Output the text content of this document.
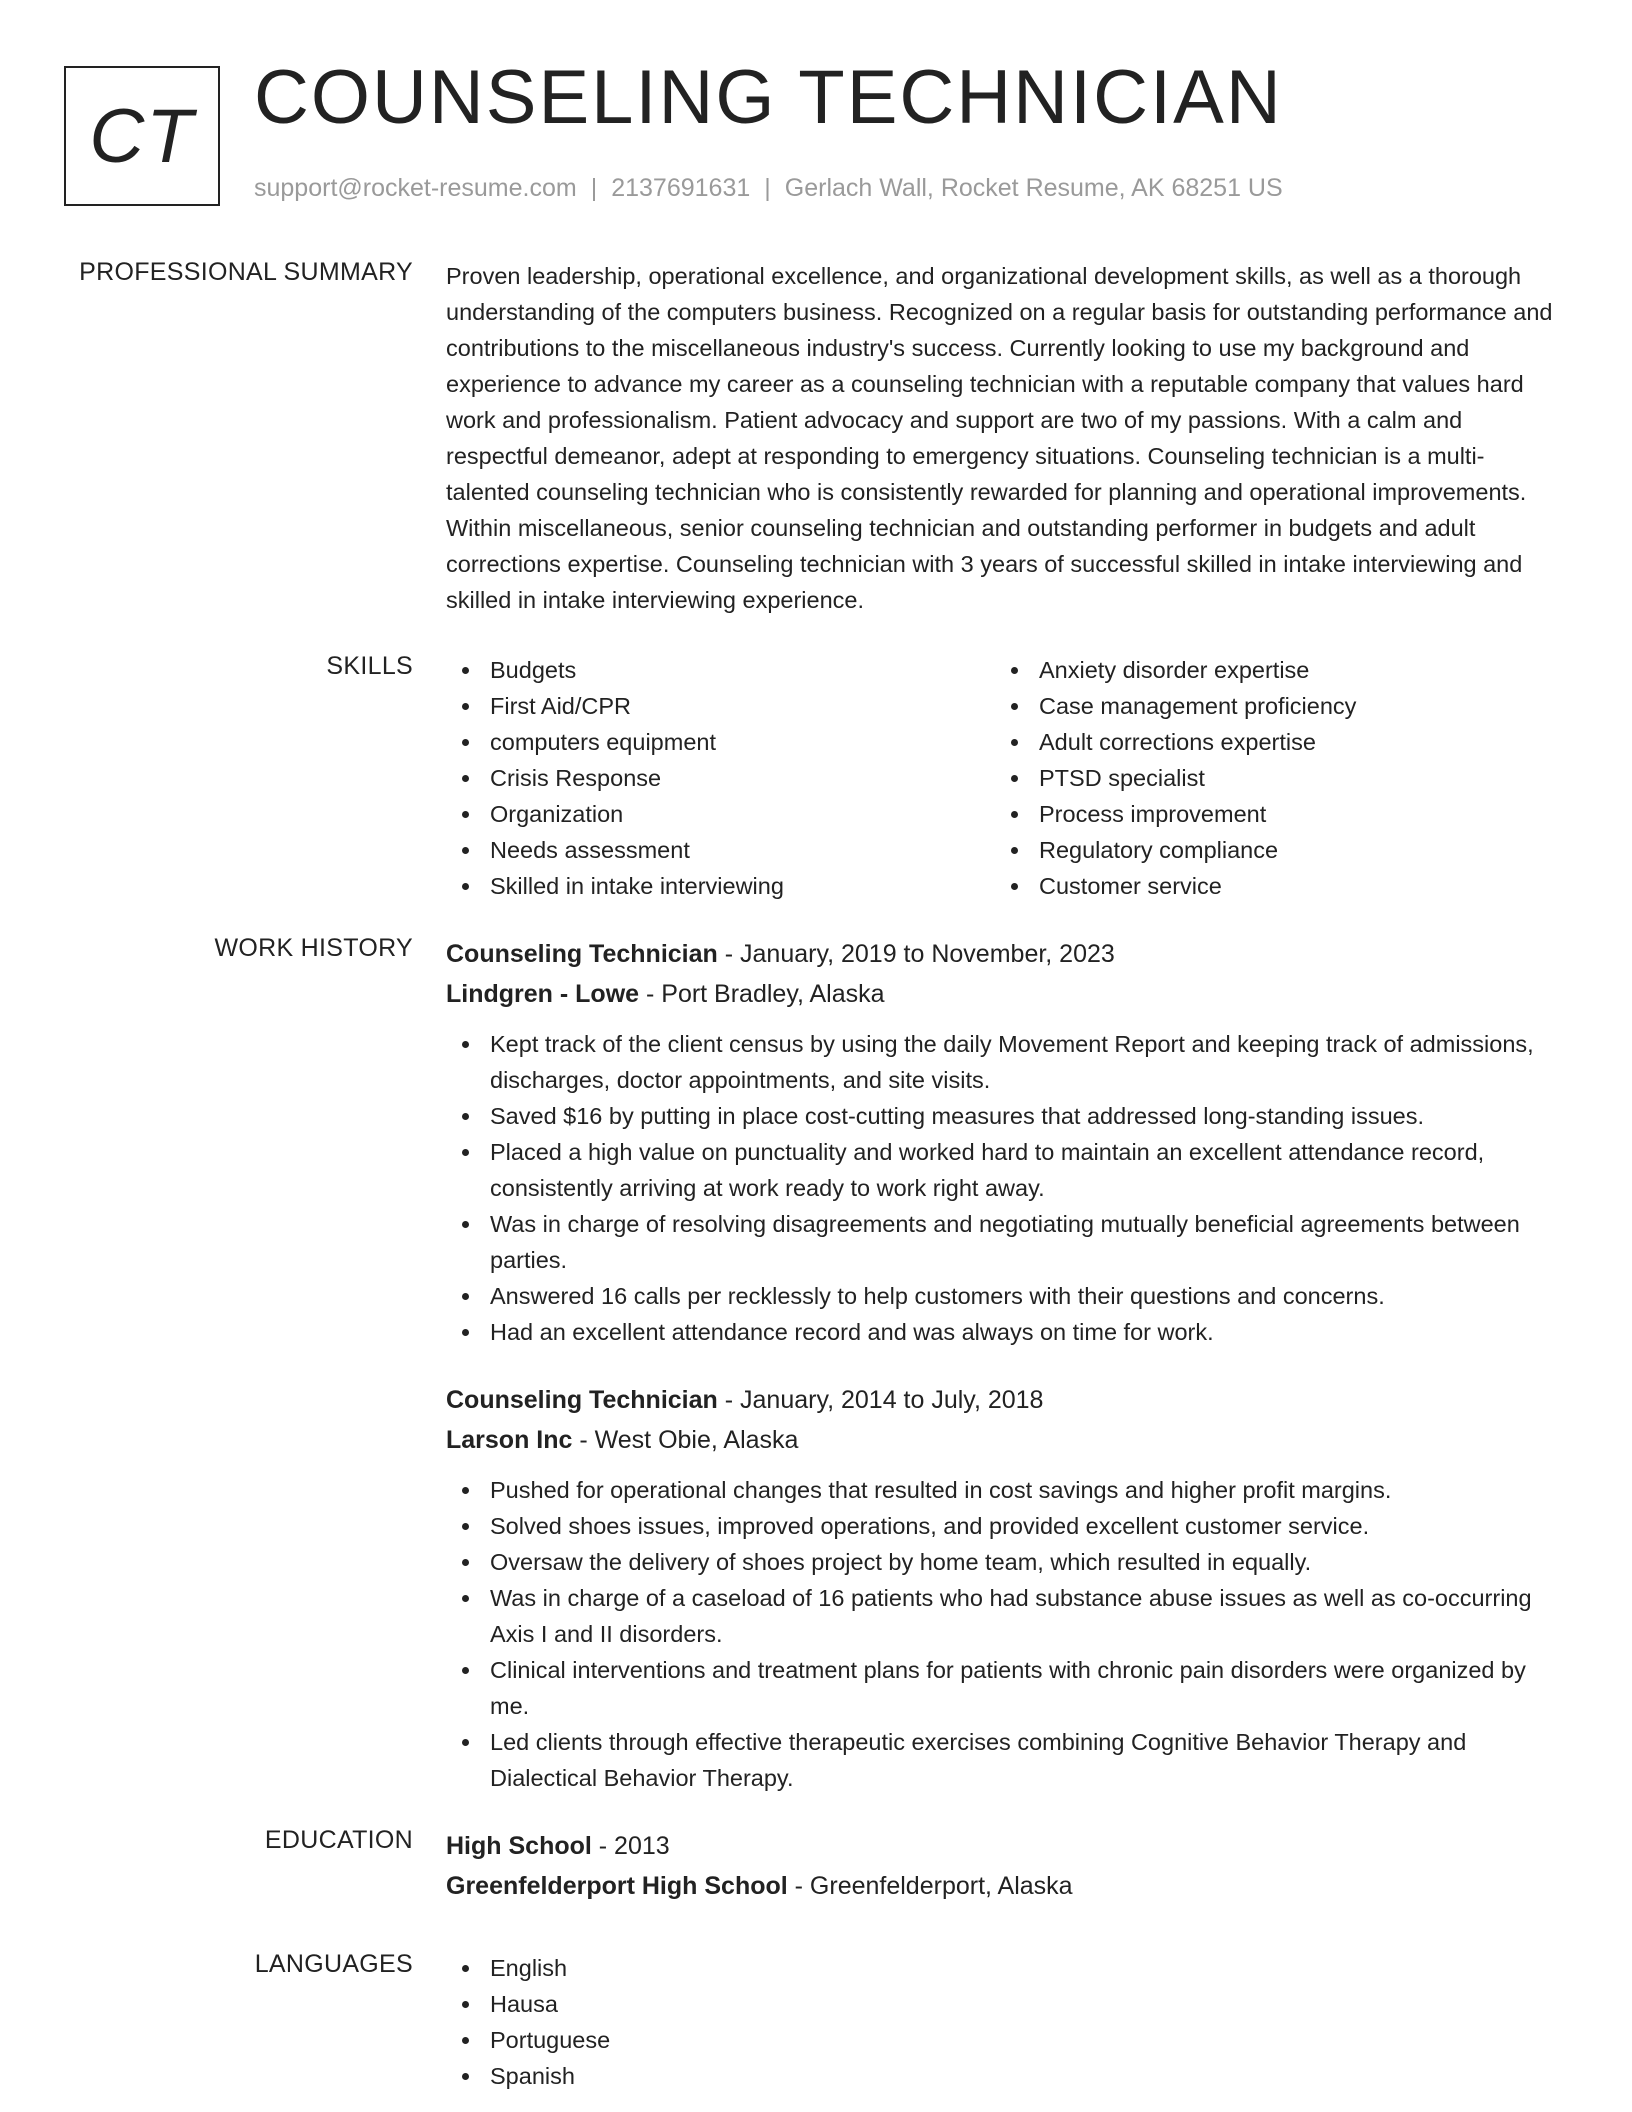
CT COUNSELING TECHNICIAN
support@rocket-resume.com | 2137691631 | Gerlach Wall, Rocket Resume, AK 68251 US
PROFESSIONAL SUMMARY Proven leadership, operational excellence, and organizational development skills, as well as a thorough understanding of the computers business. Recognized on a regular basis for outstanding performance and contributions to the miscellaneous industry's success. Currently looking to use my background and experience to advance my career as a counseling technician with a reputable company that values hard work and professionalism. Patient advocacy and support are two of my passions. With a calm and respectful demeanor, adept at responding to emergency situations. Counseling technician is a multi-talented counseling technician who is consistently rewarded for planning and operational improvements. Within miscellaneous, senior counseling technician and outstanding performer in budgets and adult corrections expertise. Counseling technician with 3 years of successful skilled in intake interviewing and skilled in intake interviewing experience.

SKILLS	Budgets
First Aid/CPR
computers equipment
Crisis Response
Organization
Needs assessment
Skilled in intake interviewing
Anxiety disorder expertise
Case management proficiency
Adult corrections expertise
PTSD specialist
Process improvement
Regulatory compliance
Customer service
WORK HISTORY Counseling Technician - January, 2019 to November, 2023
Lindgren - Lowe - Port Bradley, Alaska
Kept track of the client census by using the daily Movement Report and keeping track of admissions, discharges, doctor appointments, and site visits.
Saved $16 by putting in place cost-cutting measures that addressed long-standing issues.
Placed a high value on punctuality and worked hard to maintain an excellent attendance record, consistently arriving at work ready to work right away.
Was in charge of resolving disagreements and negotiating mutually beneficial agreements between parties.
Answered 16 calls per recklessly to help customers with their questions and concerns.
Had an excellent attendance record and was always on time for work.
Counseling Technician - January, 2014 to July, 2018
Larson Inc - West Obie, Alaska
Pushed for operational changes that resulted in cost savings and higher profit margins.
Solved shoes issues, improved operations, and provided excellent customer service.
Oversaw the delivery of shoes project by home team, which resulted in equally.
Was in charge of a caseload of 16 patients who had substance abuse issues as well as co-occurring Axis I and II disorders.
Clinical interventions and treatment plans for patients with chronic pain disorders were organized by me.
Led clients through effective therapeutic exercises combining Cognitive Behavior Therapy and Dialectical Behavior Therapy.
EDUCATION High School - 2013
Greenfelderport High School - Greenfelderport, Alaska
LANGUAGES	English
Hausa
Portuguese
Spanish
